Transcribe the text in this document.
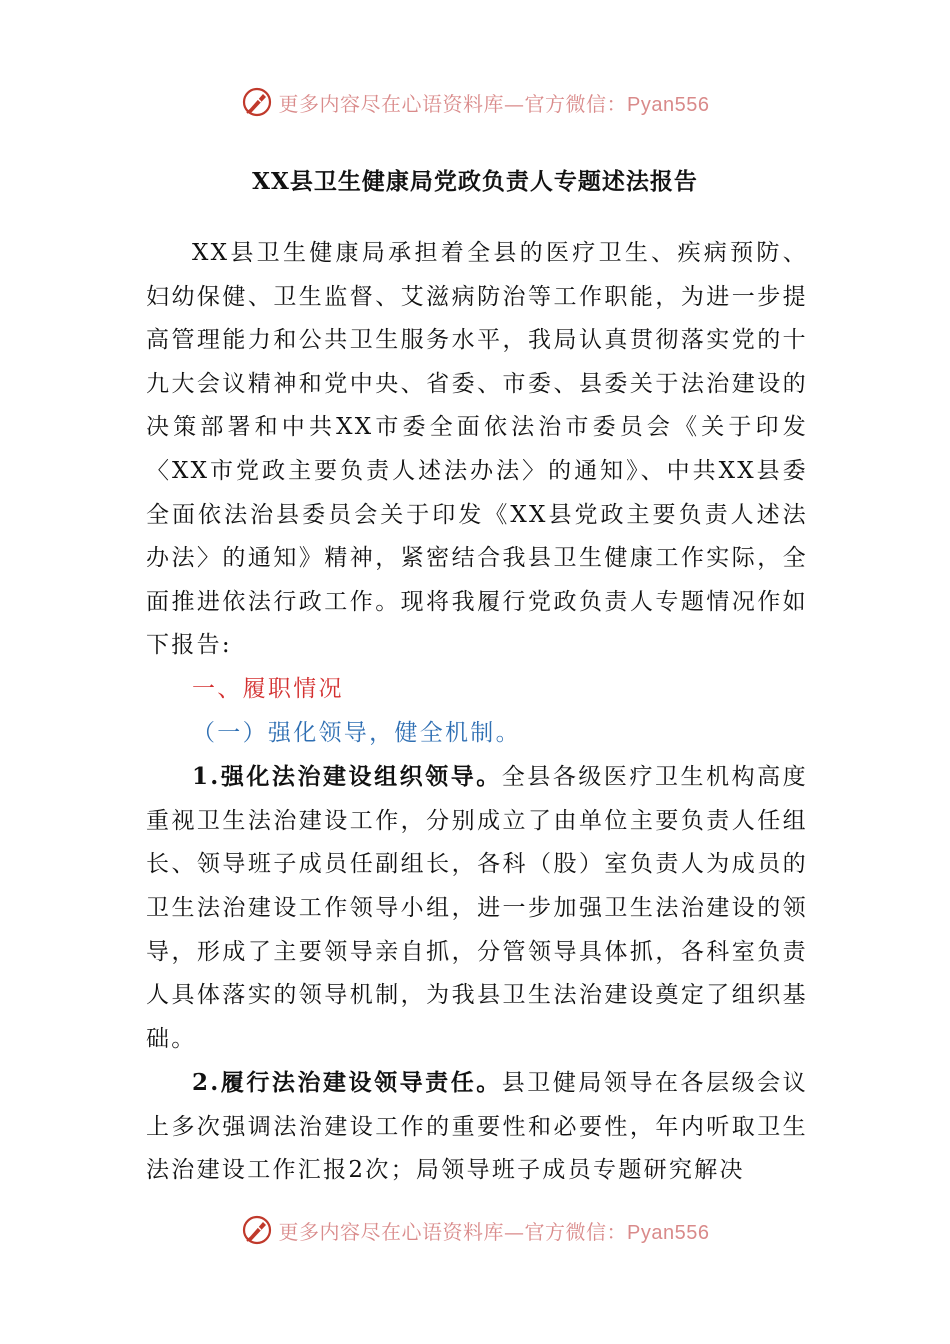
更多内容尽在心语资料库—官方微信：Pyan556
XX县卫生健康局党政负责人专题述法报告

XX县卫生健康局承担着全县的医疗卫生、疾病预防、妇幼保健、卫生监督、艾滋病防治等工作职能，为进一步提高管理能力和公共卫生服务水平，我局认真贯彻落实党的十九大会议精神和党中央、省委、市委、县委关于法治建设的决策部署和中共XX市委全面依法治市委员会《关于印发〈XX市党政主要负责人述法办法〉的通知》、中共XX县委全面依法治县委员会关于印发《XX县党政主要负责人述法办法〉的通知》精神，紧密结合我县卫生健康工作实际，全面推进依法行政工作。现将我履行党政负责人专题情况作如下报告:

一、履职情况

（一）强化领导，健全机制。

1.强化法治建设组织领导。全县各级医疗卫生机构高度重视卫生法治建设工作，分别成立了由单位主要负责人任组长、领导班子成员任副组长，各科（股）室负责人为成员的卫生法治建设工作领导小组，进一步加强卫生法治建设的领导，形成了主要领导亲自抓，分管领导具体抓，各科室负责人具体落实的领导机制，为我县卫生法治建设奠定了组织基础。

2.履行法治建设领导责任。县卫健局领导在各层级会议上多次强调法治建设工作的重要性和必要性，年内听取卫生法治建设工作汇报2次；局领导班子成员专题研究解决

更多内容尽在心语资料库—官方微信：Pyan556
